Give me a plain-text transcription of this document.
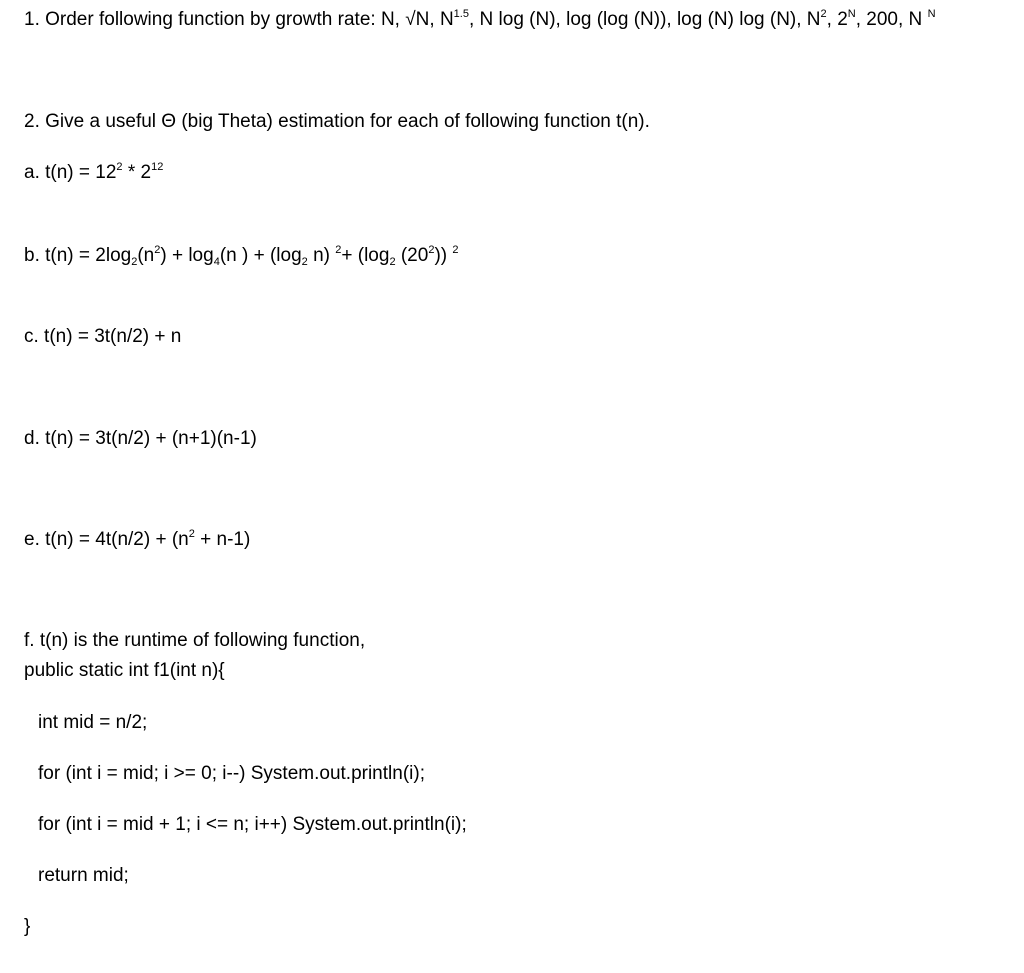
1. Order following function by growth rate: N, √N, $N^{1.5}$, N log (N), log (log (N)), log (N) log (N), $N^2$, $2^N$, 200, N $^N$
2. Give a useful Θ (big Theta) estimation for each of following function t(n).
a. $t(n) = 12^2 * 2^{12}$
b. $t(n) = 2\log_2(n^2) + \log_4(n$ ) + ($\log_2$ n) $^2+ (\log_2$ $(20^2)$) $^2$
c. t(n) = 3t(n/2) + n
d. t(n) = 3t(n/2) + (n+1)(n-1)
e. $t(n) = 4t(n/2) + (n^2 + n-1)$
f. t(n) is the runtime of following function,
public static int f1(int n){
int mid = n/2;
for (int i = mid; i >= 0; i--) System.out.println(i);
for (int i = mid + 1; i <= n; i++) System.out.println(i);
return mid;
}
